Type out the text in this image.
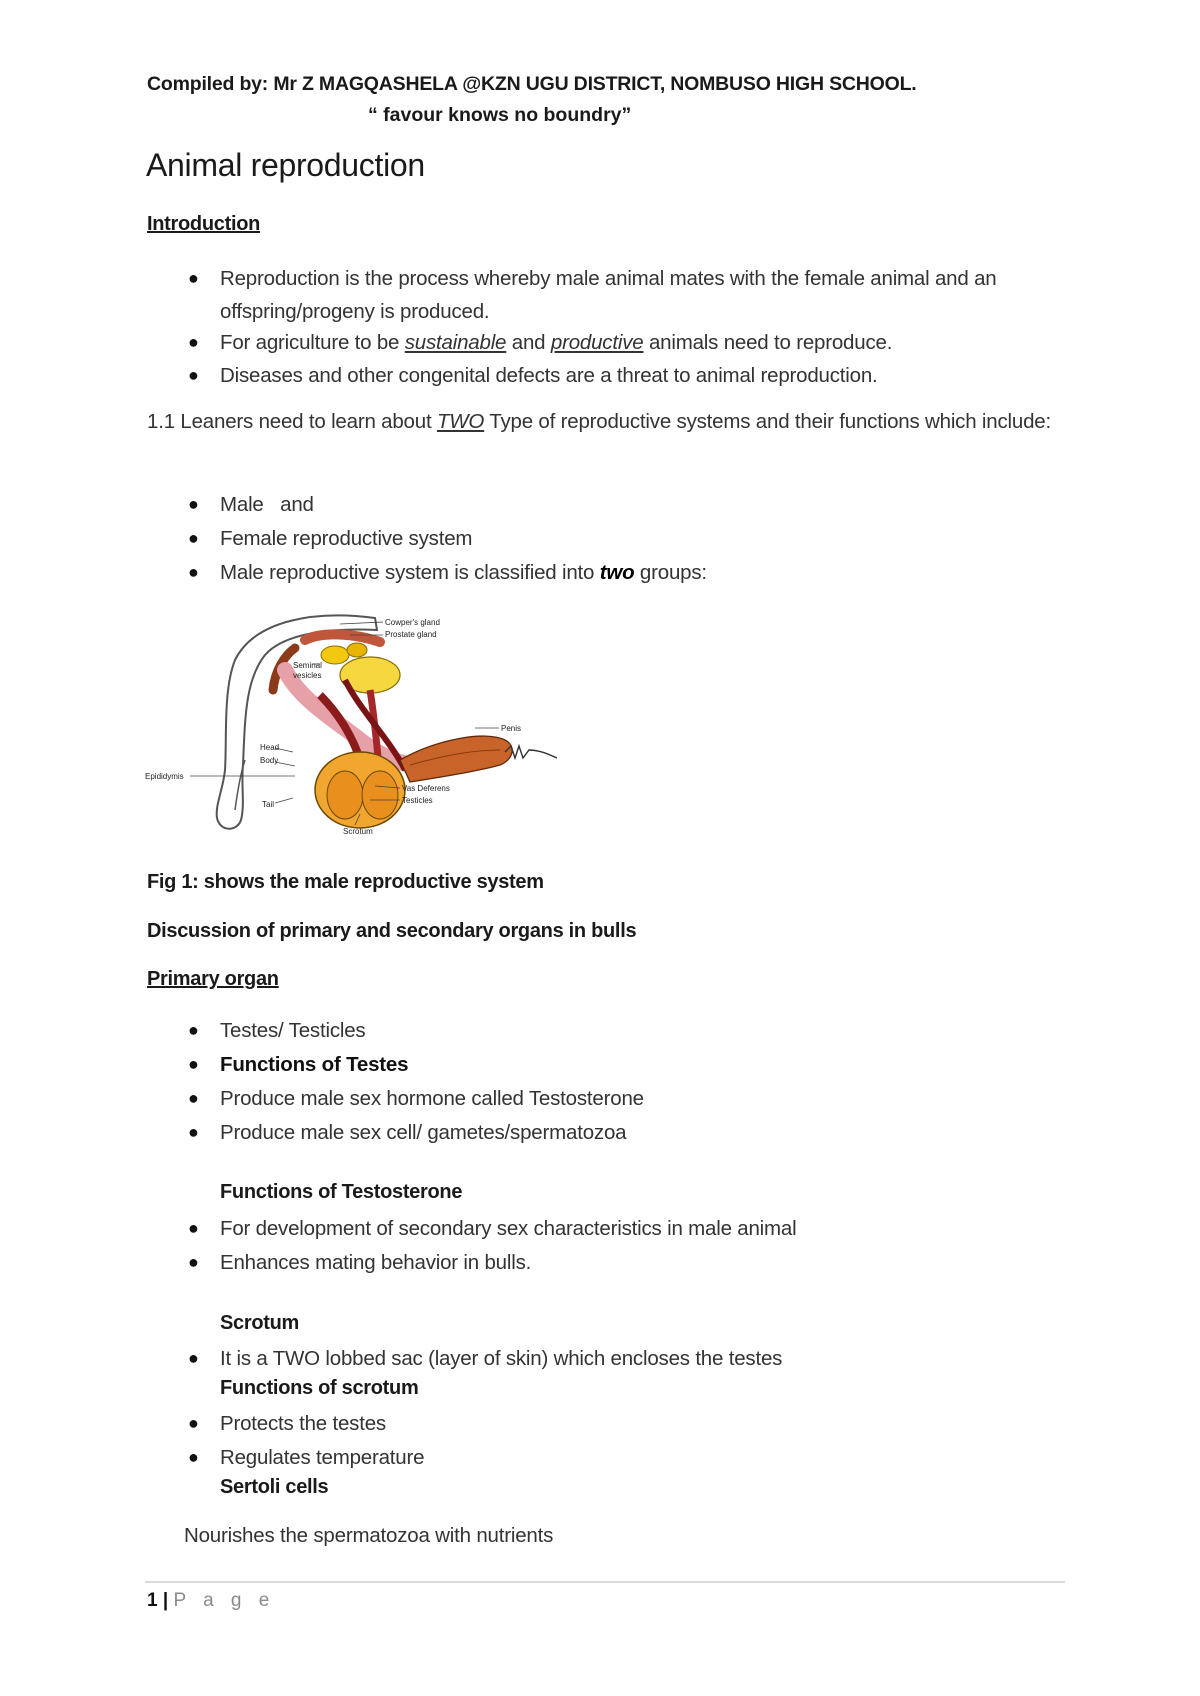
Compiled by: Mr Z MAGQASHELA @KZN UGU DISTRICT, NOMBUSO HIGH SCHOOL.
“ favour knows no boundry”
Animal reproduction
Introduction
● Reproduction is the process whereby male animal mates with the female animal and an offspring/progeny is produced.
● For agriculture to be sustainable and productive animals need to reproduce.
● Diseases and other congenital defects are a threat to animal reproduction.
1.1 Leaners need to learn about TWO Type of reproductive systems and their functions which include:
● Male   and
● Female reproductive system
● Male reproductive system is classified into two groups:
Cowper's gland
Prostate gland
Seminal
vesicles
Penis
Head
Body
Epididymis
Tail
Vas Deferens
Testicles
Scrotum
Fig 1: shows the male reproductive system
Discussion of primary and secondary organs in bulls
Primary organ
● Testes/ Testicles
● Functions of Testes
● Produce male sex hormone called Testosterone
● Produce male sex cell/ gametes/spermatozoa
Functions of Testosterone
● For development of secondary sex characteristics in male animal
● Enhances mating behavior in bulls.
Scrotum
● It is a TWO lobbed sac (layer of skin) which encloses the testes
Functions of scrotum
● Protects the testes
● Regulates temperature
Sertoli cells
Nourishes the spermatozoa with nutrients
1 | P a g e
